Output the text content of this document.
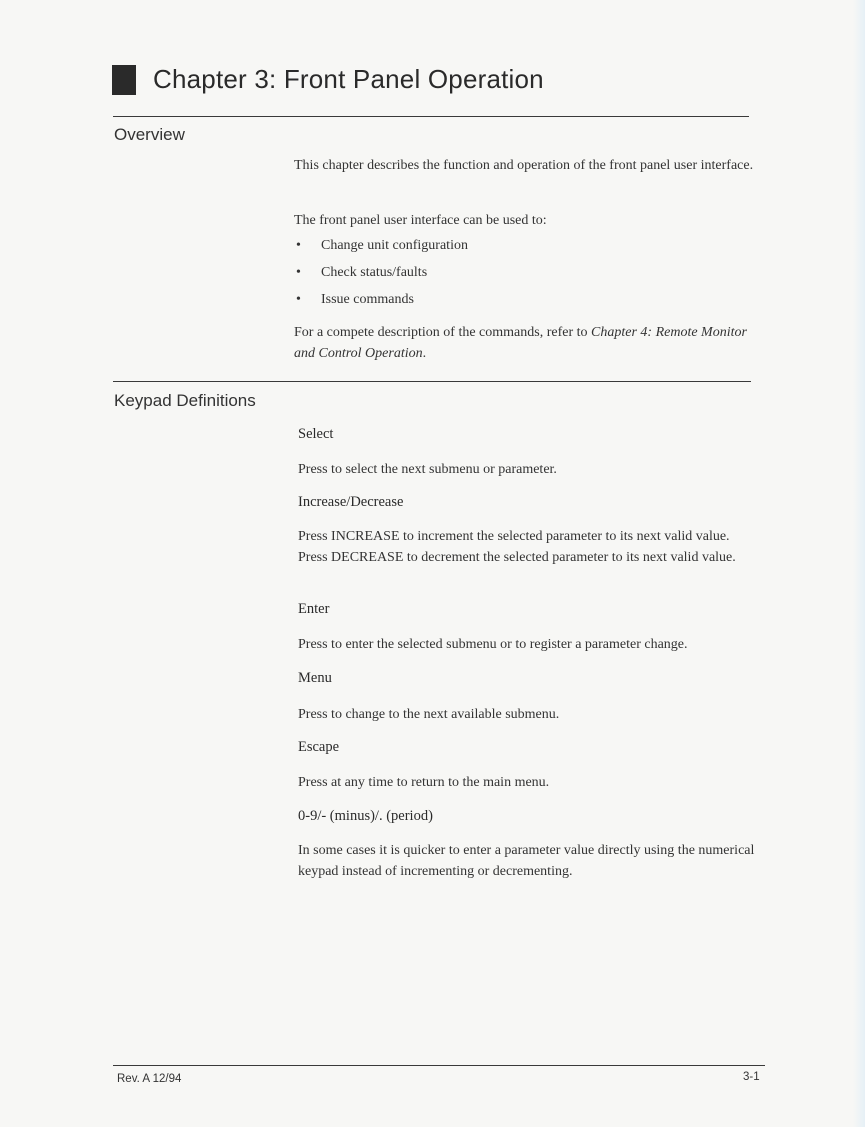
Chapter 3: Front Panel Operation
Overview
This chapter describes the function and operation of the front panel user interface.
The front panel user interface can be used to:
• Change unit configuration
• Check status/faults
• Issue commands
For a compete description of the commands, refer to Chapter 4: Remote Monitor and Control Operation.
Keypad Definitions
Select
Press to select the next submenu or parameter.
Increase/Decrease
Press INCREASE to increment the selected parameter to its next valid value. Press DECREASE to decrement the selected parameter to its next valid value.
Enter
Press to enter the selected submenu or to register a parameter change.
Menu
Press to change to the next available submenu.
Escape
Press at any time to return to the main menu.
0-9/- (minus)/. (period)
In some cases it is quicker to enter a parameter value directly using the numerical keypad instead of incrementing or decrementing.
Rev. A 12/94	3-1
